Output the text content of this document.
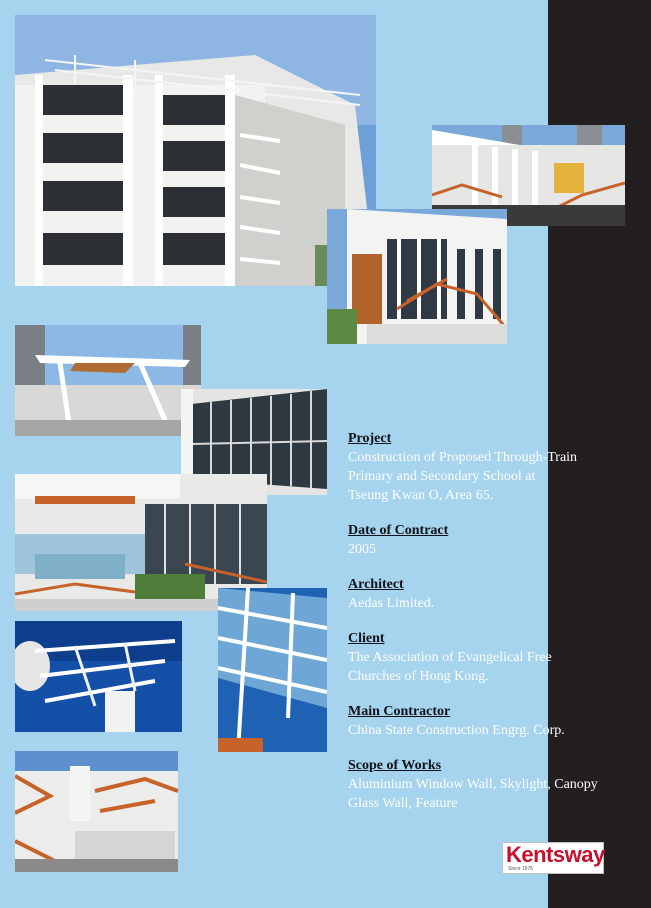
Project
Construction of Proposed Through-Train
Primary and Secondary School at
Tseung Kwan O, Area 65.
Date of Contract
2005
Architect
Aedas Limited.
Client
The Association of Evangelical Free
Churches of Hong Kong.
Main Contractor
China State Construction Engrg. Corp.
Scope of Works
Aluminium Window Wall, Skylight, Canopy
Glass Wall, Feature
Kentsway
Since 1976
